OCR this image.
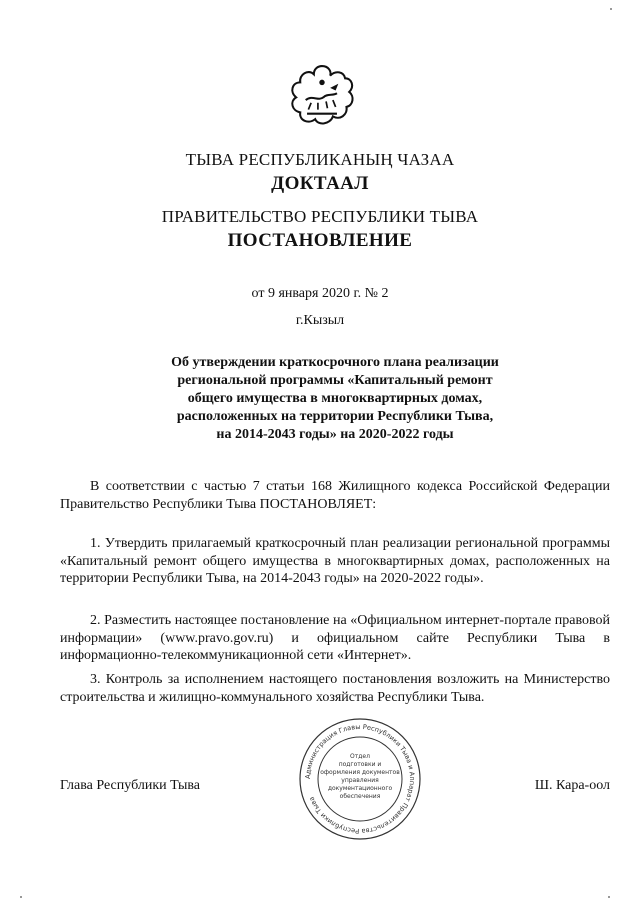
ТЫВА РЕСПУБЛИКАНЫҢ ЧАЗАА
ДОКТААЛ
ПРАВИТЕЛЬСТВО РЕСПУБЛИКИ ТЫВА
ПОСТАНОВЛЕНИЕ
от 9 января 2020 г. № 2
г.Кызыл
Об утверждении краткосрочного плана реализации
региональной программы «Капитальный ремонт
общего имущества в многоквартирных домах,
расположенных на территории Республики Тыва,
на 2014-2043 годы» на 2020-2022 годы
В соответствии с частью 7 статьи 168 Жилищного кодекса Российской Федерации Правительство Республики Тыва ПОСТАНОВЛЯЕТ:
1. Утвердить прилагаемый краткосрочный план реализации региональной программы «Капитальный ремонт общего имущества в многоквартирных домах, расположенных на территории Республики Тыва, на 2014-2043 годы» на 2020-2022 годы».
2. Разместить настоящее постановление на «Официальном интернет-портале правовой информации» (www.pravo.gov.ru) и официальном сайте Республики Тыва в информационно-телекоммуникационной сети «Интернет».
3. Контроль за исполнением настоящего постановления возложить на Министерство строительства и жилищно-коммунального хозяйства Республики Тыва.
Глава Республики Тыва	Ш. Кара-оол
Администрация Главы Республики Тыва и Аппарат Правительства Республики Тыва
Отдел
подготовки и
оформления документов
управления
документационного
обеспечения
